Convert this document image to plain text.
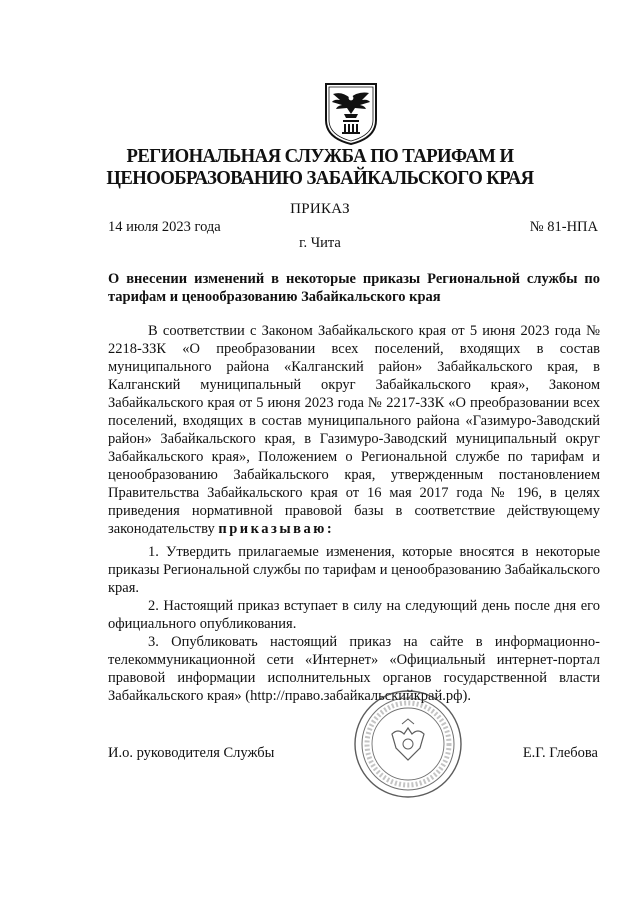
РЕГИОНАЛЬНАЯ СЛУЖБА ПО ТАРИФАМ И ЦЕНООБРАЗОВАНИЮ ЗАБАЙКАЛЬСКОГО КРАЯ
ПРИКАЗ
14 июля 2023 года	№ 81-НПА
г. Чита
О внесении изменений в некоторые приказы Региональной службы по тарифам и ценообразованию Забайкальского края

В соответствии с Законом Забайкальского края от 5 июня 2023 года № 2218-ЗЗК «О преобразовании всех поселений, входящих в состав муниципального района «Калганский район» Забайкальского края, в Калганский муниципальный округ Забайкальского края», Законом Забайкальского края от 5 июня 2023 года № 2217-ЗЗК «О преобразовании всех поселений, входящих в состав муниципального района «Газимуро-Заводский район» Забайкальского края, в Газимуро-Заводский муниципальный округ Забайкальского края», Положением о Региональной службе по тарифам и ценообразованию Забайкальского края, утвержденным постановлением Правительства Забайкальского края от 16 мая 2017 года № 196, в целях приведения нормативной правовой базы в соответствие действующему законодательству приказываю:

1. Утвердить прилагаемые изменения, которые вносятся в некоторые приказы Региональной службы по тарифам и ценообразованию Забайкальского края.

2. Настоящий приказ вступает в силу на следующий день после дня его официального опубликования.

3. Опубликовать настоящий приказ на сайте в информационно-телекоммуникационной сети «Интернет» «Официальный интернет-портал правовой информации исполнительных органов государственной власти Забайкальского края» (http://право.забайкальскийкрай.рф).

И.о. руководителя Службы	Е.Г. Глебова
